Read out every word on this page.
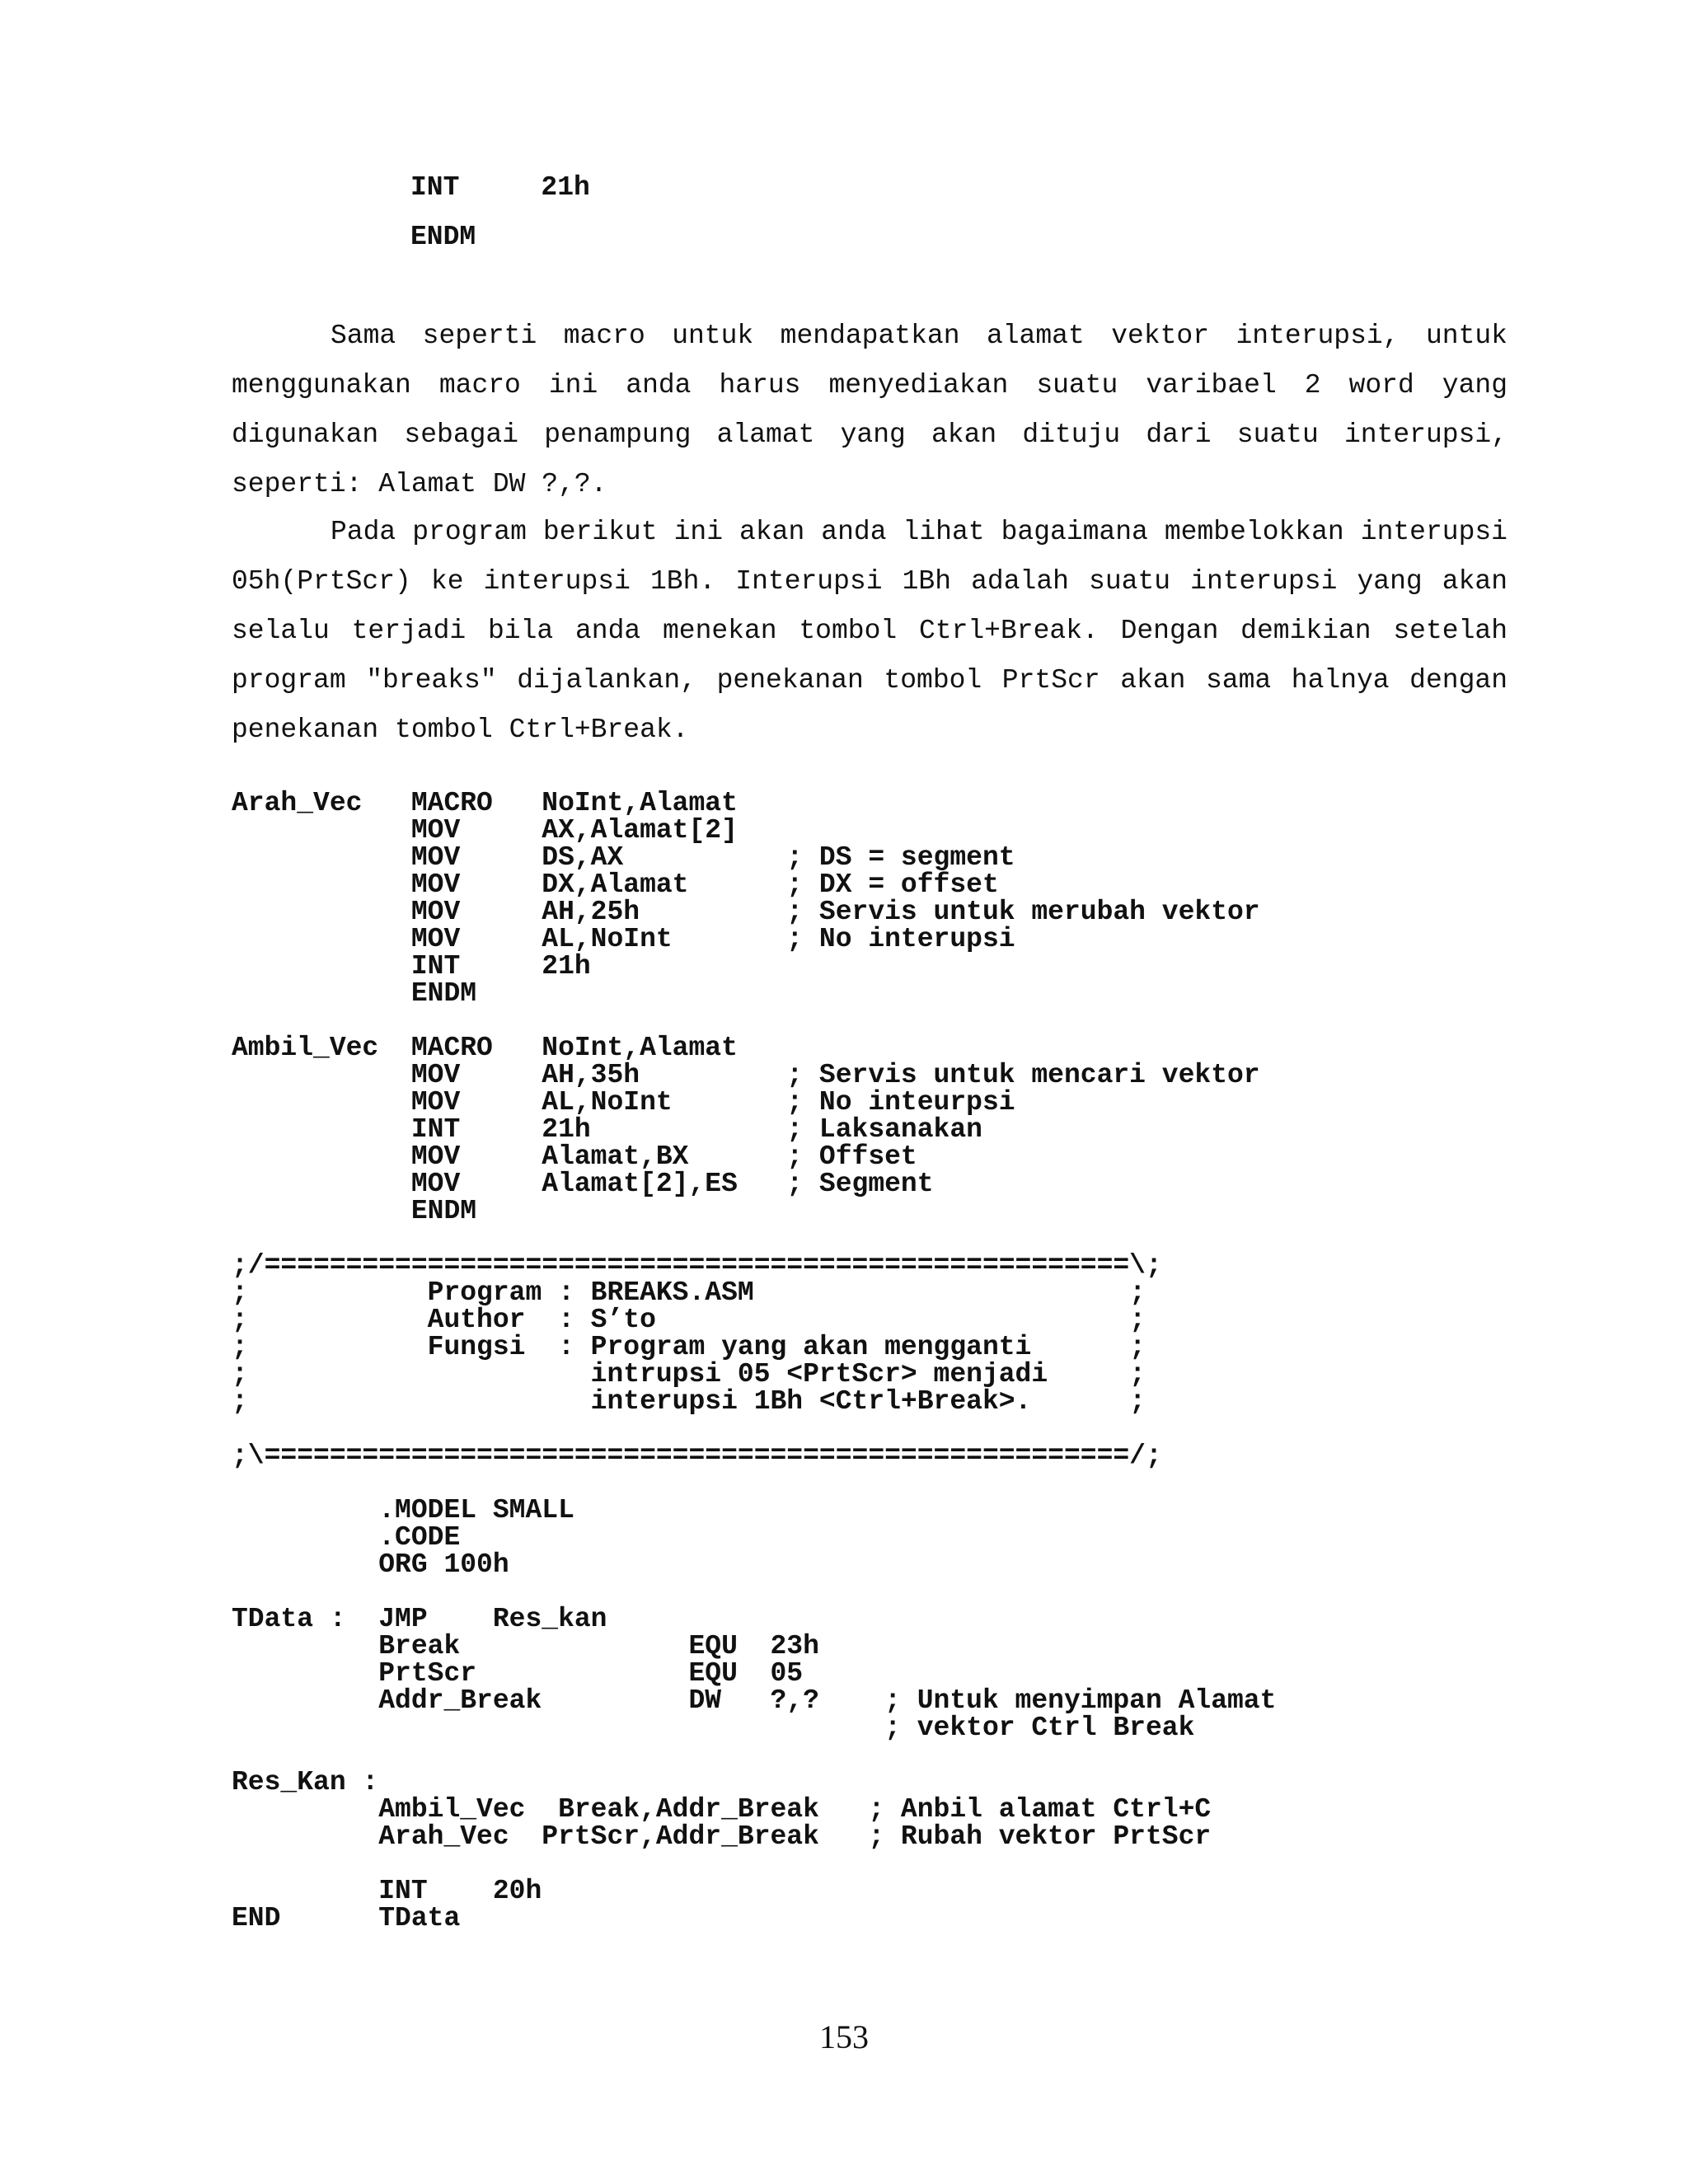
INT     21h

ENDM

Sama seperti macro untuk mendapatkan alamat vektor interupsi, untuk menggunakan macro ini anda harus menyediakan suatu varibael 2 word yang digunakan sebagai penampung alamat yang akan dituju dari suatu interupsi, seperti: Alamat DW ?,?.

Pada program berikut ini akan anda lihat bagaimana membelokkan interupsi 05h(PrtScr) ke interupsi 1Bh. Interupsi 1Bh adalah suatu interupsi yang akan selalu terjadi bila anda menekan tombol Ctrl+Break. Dengan demikian setelah program "breaks" dijalankan, penekanan tombol PrtScr akan sama halnya dengan penekanan tombol Ctrl+Break.

Arah_Vec   MACRO   NoInt,Alamat
MOV     AX,Alamat[2]
MOV     DS,AX          ; DS = segment
MOV     DX,Alamat      ; DX = offset
MOV     AH,25h         ; Servis untuk merubah vektor
MOV     AL,NoInt       ; No interupsi
INT     21h
ENDM

Ambil_Vec  MACRO   NoInt,Alamat
MOV     AH,35h         ; Servis untuk mencari vektor
MOV     AL,NoInt       ; No inteurpsi
INT     21h            ; Laksanakan
MOV     Alamat,BX      ; Offset
MOV     Alamat[2],ES   ; Segment
ENDM

;/=====================================================\;
;           Program : BREAKS.ASM                       ;
;           Author  : S’to                             ;
;           Fungsi  : Program yang akan mengganti      ;
;                     intrupsi 05 <PrtScr> menjadi     ;
;                     interupsi 1Bh <Ctrl+Break>.      ;

;\=====================================================/;

.MODEL SMALL
.CODE
ORG 100h

TData :  JMP    Res_kan
Break              EQU  23h
PrtScr             EQU  05
Addr_Break         DW   ?,?    ; Untuk menyimpan Alamat
; vektor Ctrl Break

Res_Kan :
Ambil_Vec  Break,Addr_Break   ; Anbil alamat Ctrl+C
Arah_Vec  PrtScr,Addr_Break   ; Rubah vektor PrtScr

INT    20h
END      TData
153
